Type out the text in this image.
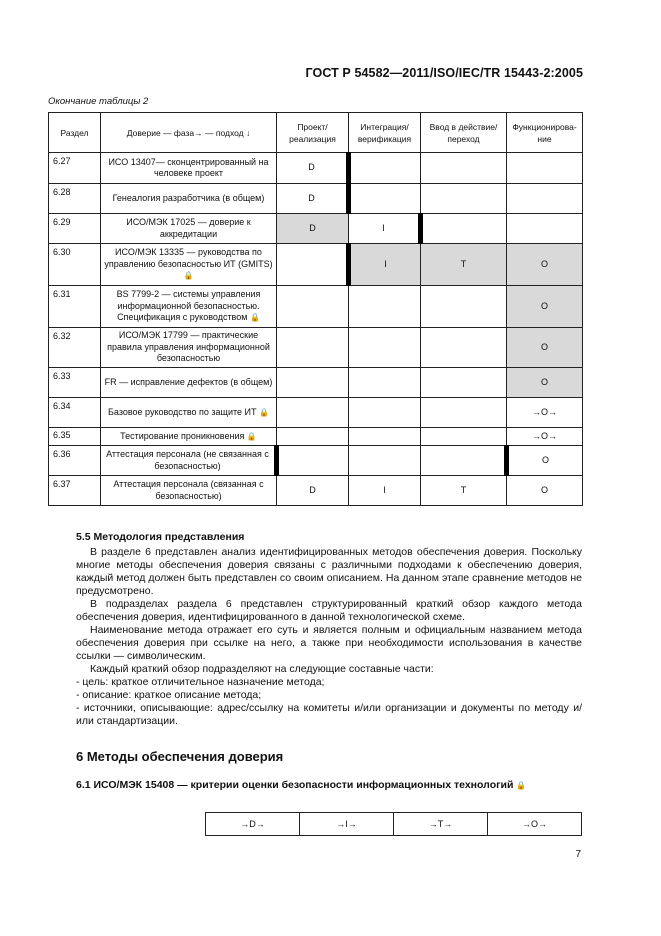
ГОСТ Р 54582—2011/ISO/IEC/TR 15443-2:2005
Окончание таблицы 2
Раздел	Доверие — фаза→ — подход ↓	Проект/ реализация	Интеграция/ верификация	Ввод в действие/ переход	Функционирова- ние
6.27	ИСО 13407— сконцентрированный на человеке проект	D			
6.28	Генеалогия разработчика (в общем)	D			
6.29	ИСО/МЭК 17025 — доверие к аккредитации	D	I		
6.30	ИСО/МЭК 13335 — руководства по управлению безопасностью ИТ (GMITS) 🔒		I	T	O
6.31	BS 7799-2 — системы управления информационной безопасностью. Спецификация с руководством 🔒				O
6.32	ИСО/МЭК 17799 — практические правила управления информационной безопасностью				O
6.33	FR — исправление дефектов (в общем)				O
6.34	Базовое руководство по защите ИТ 🔒				→O→
6.35	Тестирование проникновения 🔒				→O→
6.36	Аттестация персонала (не связанная с безопасностью)				O
6.37	Аттестация персонала (связанная с безопасностью)	D	I	T	O
5.5 Методология представления

В разделе 6 представлен анализ идентифицированных методов обеспечения доверия. Поскольку многие методы обеспечения доверия связаны с различными подходами к обеспечению доверия, каждый метод должен быть представлен со своим описанием. На данном этапе сравнение методов не предусмотрено.

В подразделах раздела 6 представлен структурированный краткий обзор каждого метода обеспечения доверия, идентифицированного в данной технологической схеме.

Наименование метода отражает его суть и является полным и официальным названием метода обеспечения доверия при ссылке на него, а также при необходимости использования в качестве ссылки — символическим.

Каждый краткий обзор подразделяют на следующие составные части:

- цель: краткое отличительное назначение метода;

- описание: краткое описание метода;

- источники, описывающие: адрес/ссылку на комитеты и/или организации и документы по методу и/или стандартизации.

6 Методы обеспечения доверия
6.1 ИСО/МЭК 15408 — критерии оценки безопасности информационных технологий 🔒
→D→	→I→	→T→	→O→
7
